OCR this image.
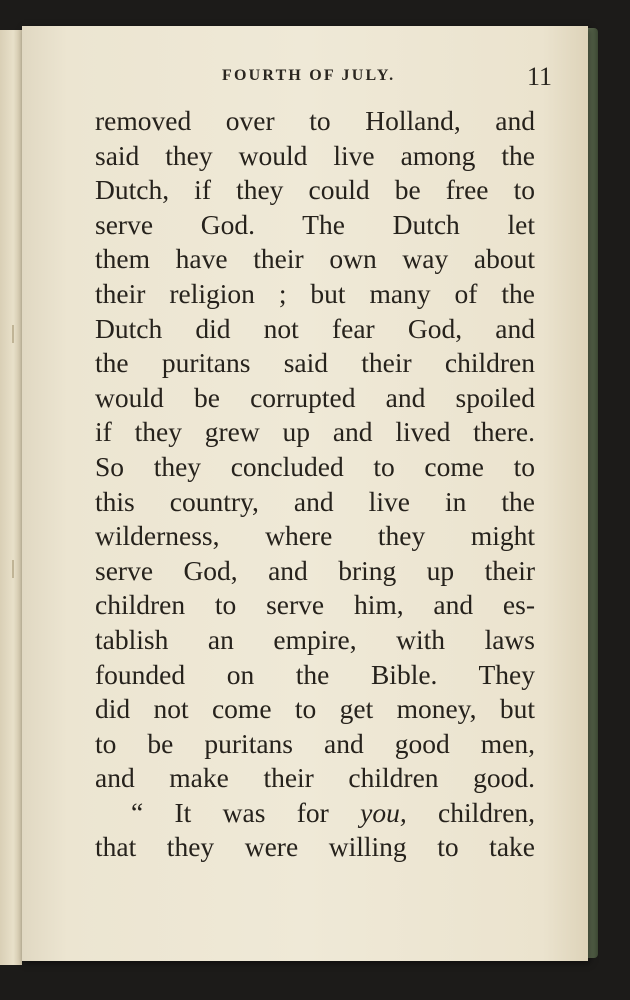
FOURTH OF JULY.	11
removed over to Holland, and
said they would live among the
Dutch, if they could be free to
serve God. The Dutch let
them have their own way about
their religion ; but many of the
Dutch did not fear God, and
the puritans said their children
would be corrupted and spoiled
if they grew up and lived there.
So they concluded to come to
this country, and live in the
wilderness, where they might
serve God, and bring up their
children to serve him, and es-
tablish an empire, with laws
founded on the Bible. They
did not come to get money, but
to be puritans and good men,
and make their children good.
“ It was for you, children,
that they were willing to take
